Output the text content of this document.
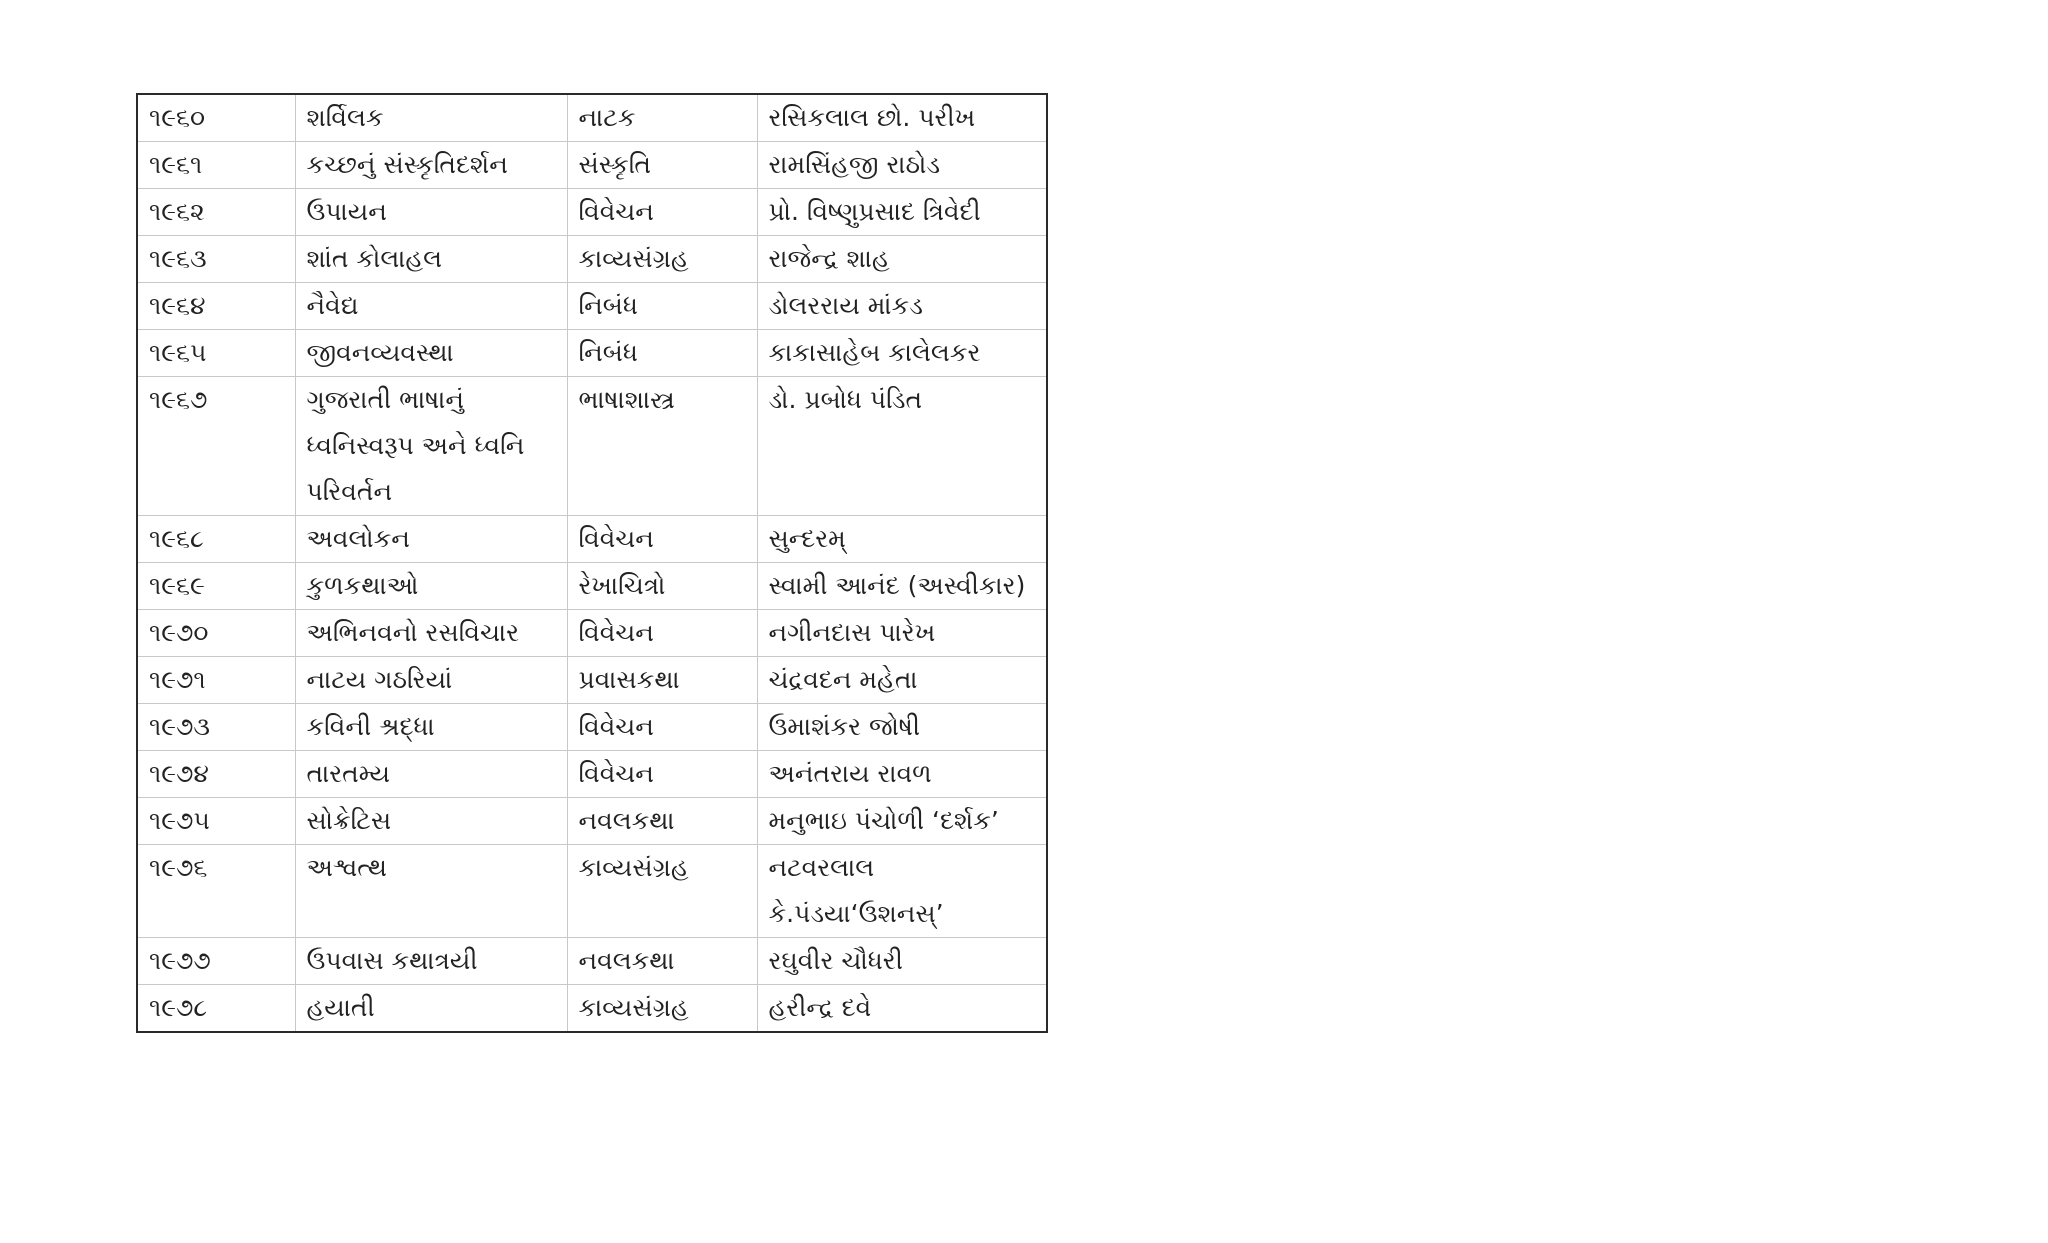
૧૯૬૦	શર્વિલક	નાટક	રસિકલાલ છો. પરીખ
૧૯૬૧	કચ્છનું સંસ્કૃતિદર્શન	સંસ્કૃતિ	રામસિંહજી રાઠોડ
૧૯૬૨	ઉપાયન	વિવેચન	પ્રો. વિષ્ણુપ્રસાદ ત્રિવેદી
૧૯૬૩	શાંત કોલાહલ	કાવ્યસંગ્રહ	રાજેન્દ્ર શાહ
૧૯૬૪	નૈવેદ્ય	નિબંધ	ડોલરરાય માંકડ
૧૯૬૫	જીવનવ્યવસ્થા	નિબંધ	કાકાસાહેબ કાલેલકર
૧૯૬૭	ગુજરાતી ભાષાનું ધ્વનિસ્વરૂપ અને ધ્વનિ પરિવર્તન	ભાષાશાસ્ત્ર	ડો. પ્રબોધ પંડિત
૧૯૬૮	અવલોકન	વિવેચન	સુન્દરમ્
૧૯૬૯	કુળકથાઓ	રેખાચિત્રો	સ્વામી આનંદ (અસ્વીકાર)
૧૯૭૦	અભિનવનો રસવિચાર	વિવેચન	નગીનદાસ પારેખ
૧૯૭૧	નાટય ગઠરિયાં	પ્રવાસકથા	ચંદ્રવદન મહેતા
૧૯૭૩	કવિની શ્રદ્ધા	વિવેચન	ઉમાશંકર જોષી
૧૯૭૪	તારતમ્ય	વિવેચન	અનંતરાય રાવળ
૧૯૭૫	સોક્રેટિસ	નવલકથા	મનુભાઇ પંચોળી ‘દર્શક’
૧૯૭૬	અશ્વત્થ	કાવ્યસંગ્રહ	નટવરલાલ કે.પંડયા‘ઉશનસ્’
૧૯૭૭	ઉપવાસ કથાત્રયી	નવલકથા	રઘુવીર ચૌધરી
૧૯૭૮	હયાતી	કાવ્યસંગ્રહ	હરીન્દ્ર દવે
